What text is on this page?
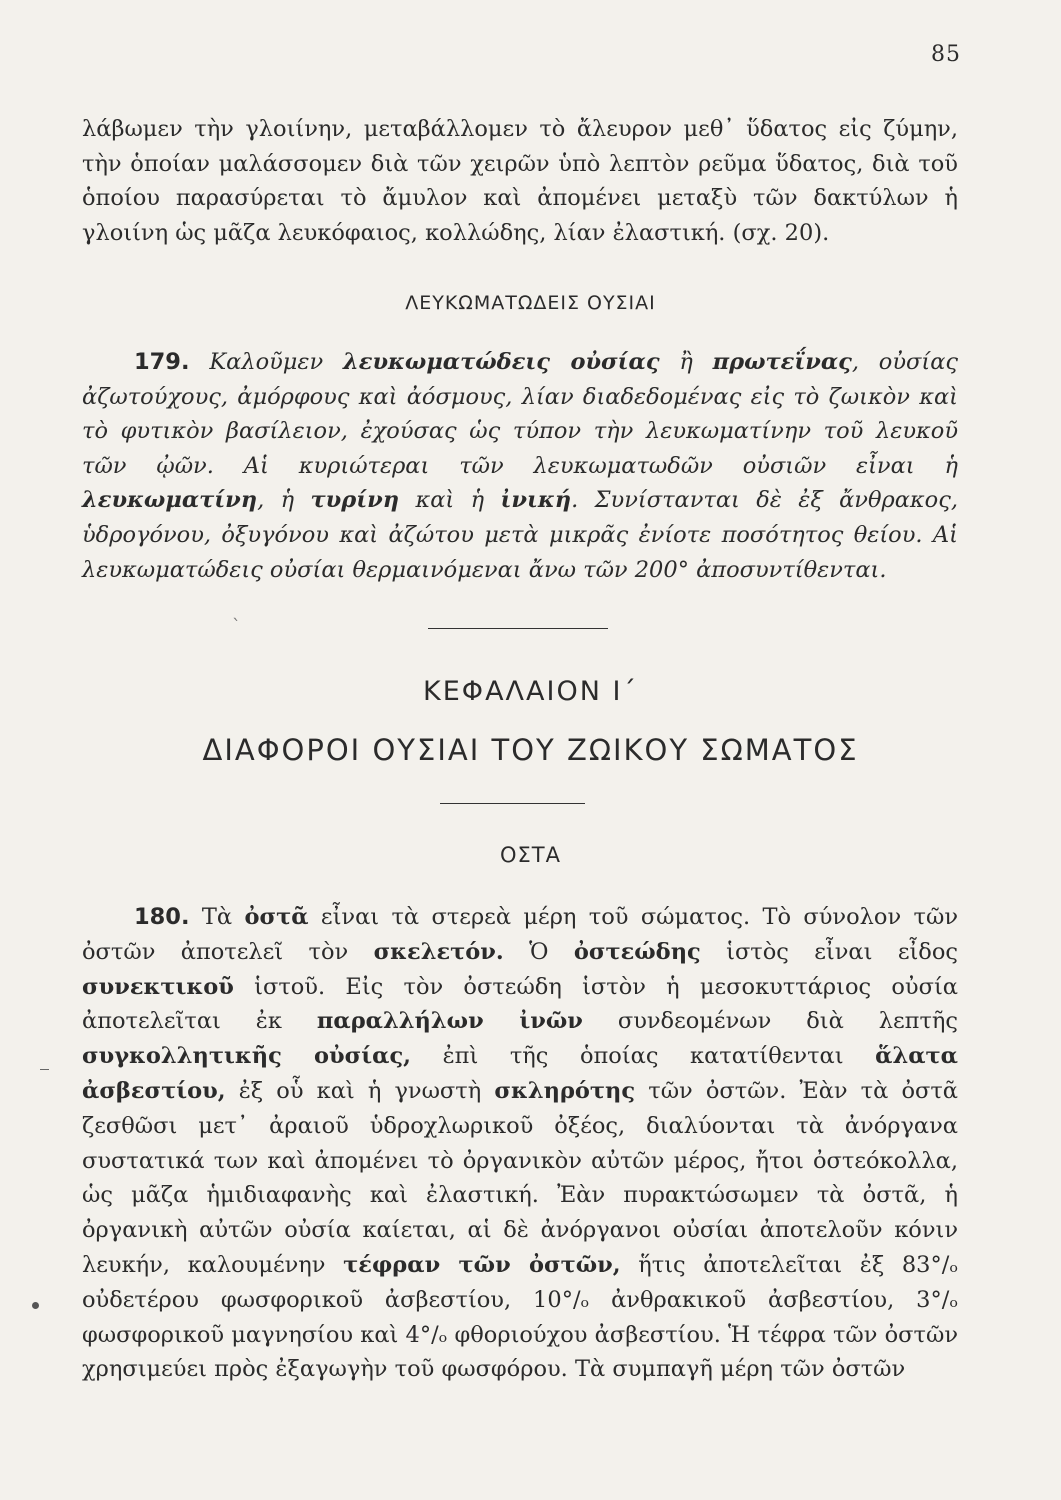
85

λάβωμεν τὴν γλοιίνην, μεταβάλλομεν τὸ ἄλευρον μεθ᾽ ὕδατος εἰς ζύμην, τὴν ὁποίαν μαλάσσομεν διὰ τῶν χειρῶν ὑπὸ λεπτὸν ρεῦμα ὕδατος, διὰ τοῦ ὁποίου παρασύρεται τὸ ἄμυλον καὶ ἀπομένει μεταξὺ τῶν δακτύλων ἡ γλοιίνη ὡς μᾶζα λευκόφαιος, κολλώδης, λίαν ἐλαστική. (σχ. 20).

ΛΕΥΚΩΜΑΤΩΔΕΙΣ ΟΥΣΙΑΙ

179. Καλοῦμεν λευκωματώδεις οὐσίας ἢ πρωτεΐνας, οὐσίας ἀζωτούχους, ἀμόρφους καὶ ἀόσμους, λίαν διαδεδομένας εἰς τὸ ζωικὸν καὶ τὸ φυτικὸν βασίλειον, ἐχούσας ὡς τύπον τὴν λευκωματίνην τοῦ λευκοῦ τῶν ᾠῶν. Αἱ κυριώτεραι τῶν λευκωματωδῶν οὐσιῶν εἶναι ἡ λευκωματίνη, ἡ τυρίνη καὶ ἡ ἰνική. Συνίστανται δὲ ἐξ ἄνθρακος, ὑδρογόνου, ὀξυγόνου καὶ ἀζώτου μετὰ μικρᾶς ἐνίοτε ποσότητος θείου. Αἱ λευκωματώδεις οὐσίαι θερμαινόμεναι ἄνω τῶν 200° ἀποσυντίθενται.

ˋ
ΚΕΦΑΛΑΙΟΝ Ι΄
ΔΙΑΦΟΡΟΙ ΟΥΣΙΑΙ ΤΟΥ ΖΩΙΚΟΥ ΣΩΜΑΤΟΣ
ΟΣΤΑ

180. Τὰ ὀστᾶ εἶναι τὰ στερεὰ μέρη τοῦ σώματος. Τὸ σύνολον τῶν ὀστῶν ἀποτελεῖ τὸν σκελετόν. Ὁ ὀστεώδης ἱστὸς εἶναι εἶδος συνεκτικοῦ ἱστοῦ. Εἰς τὸν ὀστεώδη ἱστὸν ἡ μεσοκυττάριος οὐσία ἀποτελεῖται ἐκ παραλλήλων ἰνῶν συνδεομένων διὰ λεπτῆς συγκολλητικῆς οὐσίας, ἐπὶ τῆς ὁποίας κατατίθενται ἅλατα ἀσβεστίου, ἐξ οὗ καὶ ἡ γνωστὴ σκληρότης τῶν ὀστῶν. Ἐὰν τὰ ὀστᾶ ζεσθῶσι μετ᾽ ἀραιοῦ ὑδροχλωρικοῦ ὀξέος, διαλύονται τὰ ἀνόργανα συστατικά των καὶ ἀπομένει τὸ ὀργανικὸν αὐτῶν μέρος, ἤτοι ὀστεόκολλα, ὡς μᾶζα ἡμιδιαφανὴς καὶ ἐλαστική. Ἐὰν πυρακτώσωμεν τὰ ὀστᾶ, ἡ ὀργανικὴ αὐτῶν οὐσία καίεται, αἱ δὲ ἀνόργανοι οὐσίαι ἀποτελοῦν κόνιν λευκήν, καλουμένην τέφραν τῶν ὀστῶν, ἥτις ἀποτελεῖται ἐξ 83°/ₒ οὐδετέρου φωσφορικοῦ ἀσβεστίου, 10°/ₒ ἀνθρακικοῦ ἀσβεστίου, 3°/ₒ φωσφορικοῦ μαγνησίου καὶ 4°/ₒ φθοριούχου ἀσβεστίου. Ἡ τέφρα τῶν ὀστῶν χρησιμεύει πρὸς ἐξαγωγὴν τοῦ φωσφόρου. Τὰ συμπαγῆ μέρη τῶν ὀστῶν
